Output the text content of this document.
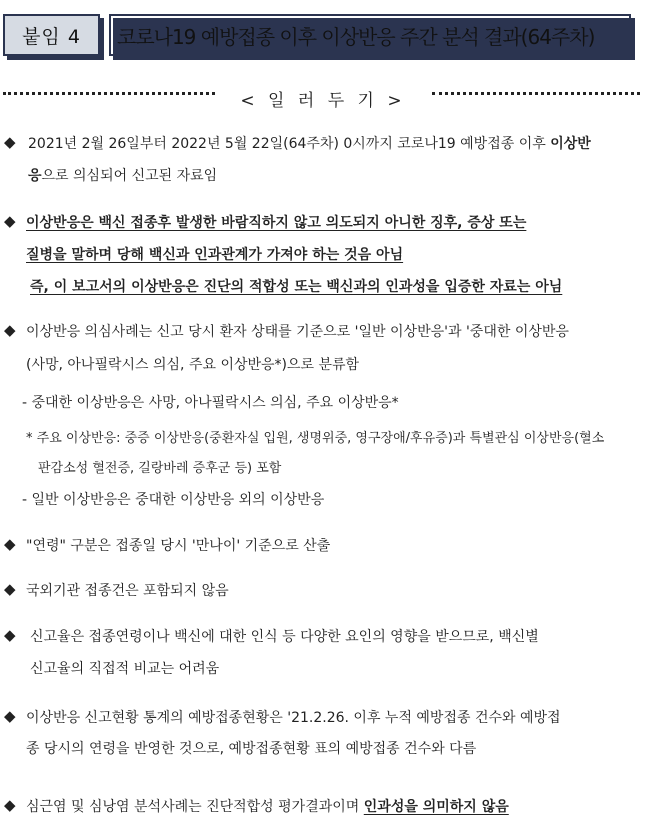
붙임 4	코로나19 예방접종 이후 이상반응 주간 분석 결과(64주차)
< 일 러 두 기 >
◆ 2021년 2월 26일부터 2022년 5월 22일(64주차) 0시까지 코로나19 예방접종 이후 이상반
응으로 의심되어 신고된 자료임
◆ 이상반응은 백신 접종후 발생한 바람직하지 않고 의도되지 아니한 징후, 증상 또는
질병을 말하며 당해 백신과 인과관계가 가져야 하는 것음 아님
즉, 이 보고서의 이상반응은 진단의 적합성 또는 백신과의 인과성을 입증한 자료는 아님
◆ 이상반응 의심사례는 신고 당시 환자 상태를 기준으로 '일반 이상반응'과 '중대한 이상반응
(사망, 아나필락시스 의심, 주요 이상반응*)으로 분류함
- 중대한 이상반응은 사망, 아나필락시스 의심, 주요 이상반응*
* 주요 이상반응: 중증 이상반응(중환자실 입원, 생명위중, 영구장애/후유증)과 특별관심 이상반응(혈소
판감소성 혈전증, 길랑바레 증후군 등) 포함
- 일반 이상반응은 중대한 이상반응 외의 이상반응
◆ "연령" 구분은 접종일 당시 '만나이' 기준으로 산출
◆ 국외기관 접종건은 포함되지 않음
◆ 신고율은 접종연령이나 백신에 대한 인식 등 다양한 요인의 영향을 받으므로, 백신별
신고율의 직접적 비교는 어려움
◆ 이상반응 신고현황 통계의 예방접종현황은 '21.2.26. 이후 누적 예방접종 건수와 예방접
종 당시의 연령을 반영한 것으로, 예방접종현황 표의 예방접종 건수와 다름
◆ 심근염 및 심낭염 분석사례는 진단적합성 평가결과이며 인과성을 의미하지 않음
